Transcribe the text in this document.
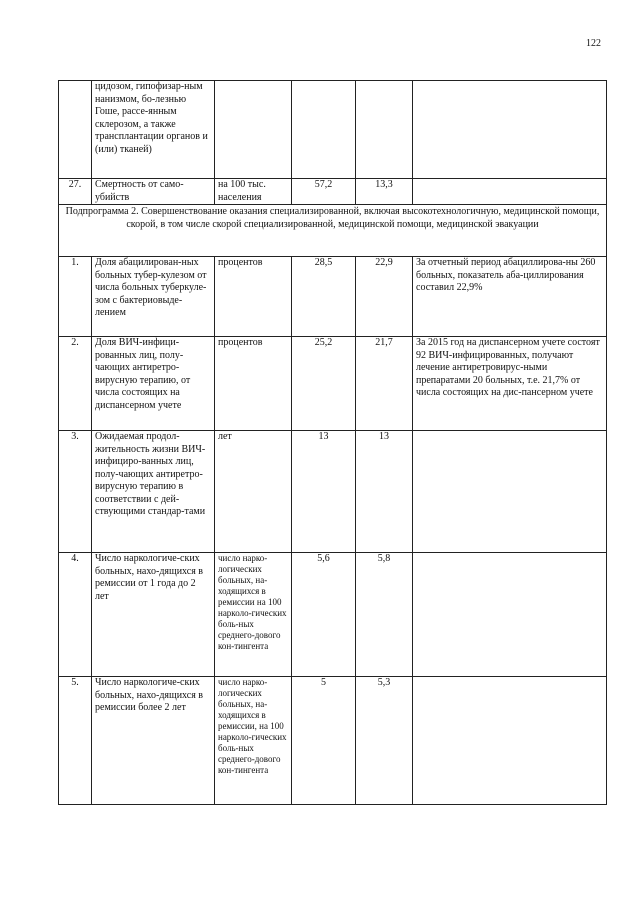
122
	цидозом, гипофизар-ным нанизмом, бо-лезнью Гоше, рассе-янным склерозом, а также трансплантации органов и (или) тканей)				
27.	Смертность от само-убийств	на 100 тыс. населения	57,2	13,3	
Подпрограмма 2. Совершенствование оказания специализированной, включая высокотехнологичную, медицинской помощи, скорой, в том числе скорой специализированной, медицинской помощи, медицинской эвакуации					
1.	Доля абацилирован-ных больных тубер-кулезом от числа больных туберкуле-зом с бактериовыде-лением	процентов	28,5	22,9	За отчетный период абациллирова-ны 260 больных, показатель аба-циллирования составил 22,9%
2.	Доля ВИЧ-инфици-рованных лиц, полу-чающих антиретро-вирусную терапию, от числа состоящих на диспансерном учете	процентов	25,2	21,7	За 2015 год на диспансерном учете состоят 92 ВИЧ-инфицированных, получают лечение антиретровирус-ными препаратами 20 больных, т.е. 21,7% от числа состоящих на дис-пансерном учете
3.	Ожидаемая продол-жительность жизни ВИЧ-инфициро-ванных лиц, полу-чающих антиретро-вирусную терапию в соответствии с дей-ствующими стандар-тами	лет	13	13	
4.	Число наркологиче-ских больных, нахо-дящихся в ремиссии от 1 года до 2 лет	число нарко-логических больных, на-ходящихся в ремиссии на 100 нарколо-гических боль-ных среднего-дового кон-тингента	5,6	5,8	
5.	Число наркологиче-ских больных, нахо-дящихся в ремиссии более 2 лет	число нарко-логических больных, на-ходящихся в ремиссии, на 100 нарколо-гических боль-ных среднего-дового кон-тингента	5	5,3	
